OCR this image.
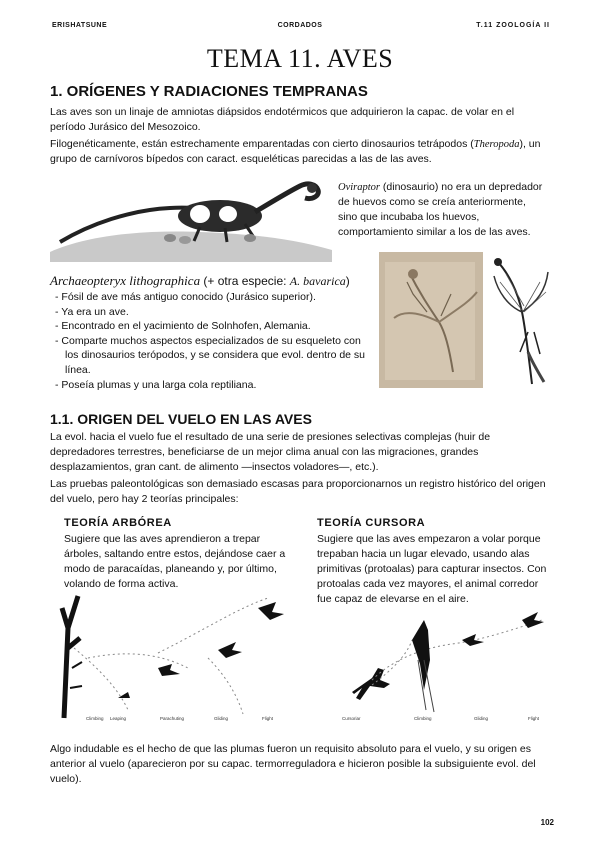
ERISHATSUNE	CORDADOS	T.11 ZOOLOGÍA II
TEMA 11. AVES
1. ORÍGENES Y RADIACIONES TEMPRANAS
Las aves son un linaje de amniotas diápsidos endotérmicos que adquirieron la capac. de volar en el período Jurásico del Mesozoico.
Filogenéticamente, están estrechamente emparentadas con cierto dinosaurios tetrápodos (Theropoda), un grupo de carnívoros bípedos con caract. esqueléticas parecidas a las de las aves.
Oviraptor (dinosaurio) no era un depredador de huevos como se creía anteriormente, sino que incubaba los huevos, comportamiento similar a los de las aves.
Archaeopteryx lithographica (+ otra especie: A. bavarica)
- Fósil de ave más antiguo conocido (Jurásico superior).
- Ya era un ave.
- Encontrado en el yacimiento de Solnhofen, Alemania.
- Comparte muchos aspectos especializados de su esqueleto con los dinosaurios terópodos, y se considera que evol. dentro de su línea.
- Poseía plumas y una larga cola reptiliana.
1.1. ORIGEN DEL VUELO EN LAS AVES
La evol. hacia el vuelo fue el resultado de una serie de presiones selectivas complejas (huir de depredadores terrestres, beneficiarse de un mejor clima anual con las migraciones, grandes desplazamientos, gran cant. de alimento —insectos voladores—, etc.).
Las pruebas paleontológicas son demasiado escasas para proporcionarnos un registro histórico del origen del vuelo, pero hay 2 teorías principales:
TEORÍA ARBÓREA
Sugiere que las aves aprendieron a trepar árboles, saltando entre estos, dejándose caer a modo de paracaídas, planeando y, por último, volando de forma activa.
TEORÍA CURSORA
Sugiere que las aves empezaron a volar porque trepaban hacia un lugar elevado, usando alas primitivas (protoalas) para capturar insectos. Con protoalas cada vez mayores, el animal corredor fue capaz de elevarse en el aire.
Climbing Leaping	Parachuting	Gliding	Flight	Cursoriar	Climbing	Gliding	Flight
Algo indudable es el hecho de que las plumas fueron un requisito absoluto para el vuelo, y su origen es anterior al vuelo (aparecieron por su capac. termorreguladora e hicieron posible la subsiguiente evol. del vuelo).
102
